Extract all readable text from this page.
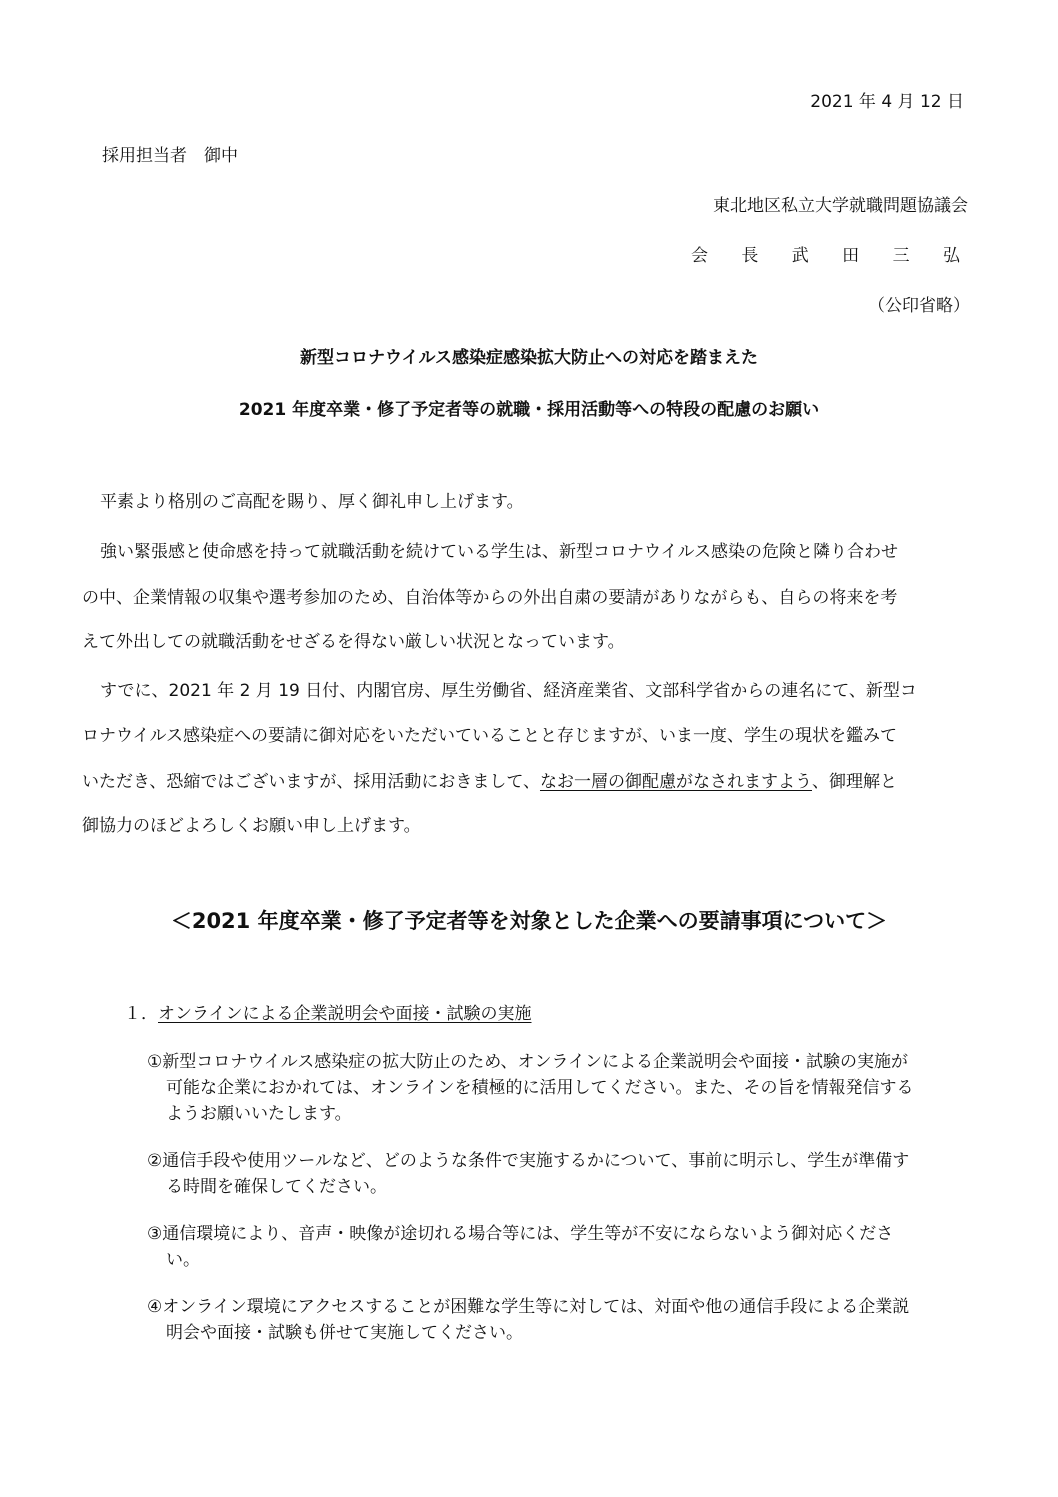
2021 年 4 月 12 日
採用担当者　御中
東北地区私立大学就職問題協議会
会 長 武 田 三 弘
（公印省略）
新型コロナウイルス感染症感染拡大防止への対応を踏まえた
2021 年度卒業・修了予定者等の就職・採用活動等への特段の配慮のお願い
平素より格別のご高配を賜り、厚く御礼申し上げます。
強い緊張感と使命感を持って就職活動を続けている学生は、新型コロナウイルス感染の危険と隣り合わせ
の中、企業情報の収集や選考参加のため、自治体等からの外出自粛の要請がありながらも、自らの将来を考
えて外出しての就職活動をせざるを得ない厳しい状況となっています。
すでに、2021 年 2 月 19 日付、内閣官房、厚生労働省、経済産業省、文部科学省からの連名にて、新型コ
ロナウイルス感染症への要請に御対応をいただいていることと存じますが、いま一度、学生の現状を鑑みて
いただき、恐縮ではございますが、採用活動におきまして、なお一層の御配慮がなされますよう、御理解と
御協力のほどよろしくお願い申し上げます。
＜2021 年度卒業・修了予定者等を対象とした企業への要請事項について＞
１．オンラインによる企業説明会や面接・試験の実施
①新型コロナウイルス感染症の拡大防止のため、オンラインによる企業説明会や面接・試験の実施が
可能な企業におかれては、オンラインを積極的に活用してください。また、その旨を情報発信する
ようお願いいたします。
②通信手段や使用ツールなど、どのような条件で実施するかについて、事前に明示し、学生が準備す
る時間を確保してください。
③通信環境により、音声・映像が途切れる場合等には、学生等が不安にならないよう御対応くださ
い。
④オンライン環境にアクセスすることが困難な学生等に対しては、対面や他の通信手段による企業説
明会や面接・試験も併せて実施してください。
